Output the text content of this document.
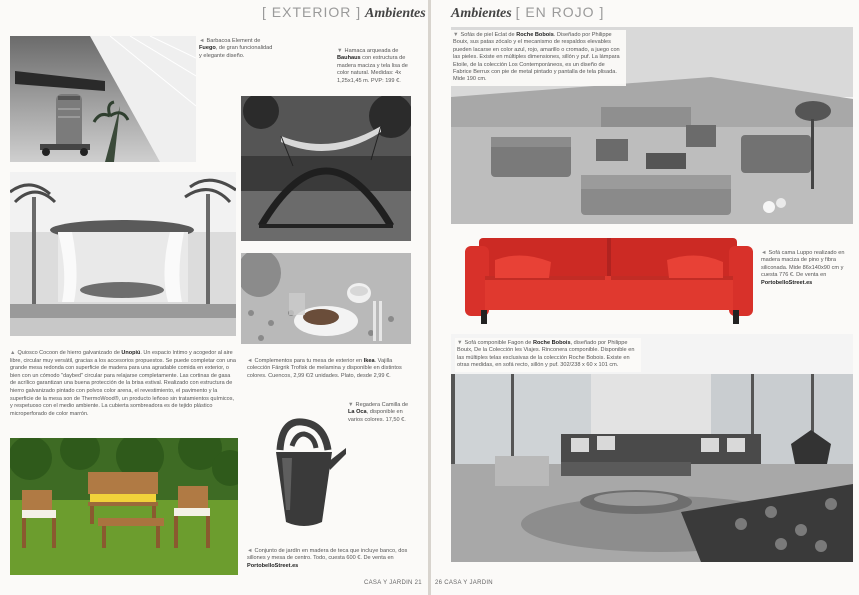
[ EXTERIOR ] Ambientes
◄ Barbacoa Element de Fuego, de gran funcionalidad y elegante diseño.
▼ Hamaca arqueada de Bauhaus con estructura de madera maciza y tela lisa de color natural. Medidas: 4x 1,25x1,45 m. PVP: 199 €.
▲ Quiosco Cocoon de hierro galvanizado de Unopiú. Un espacio íntimo y acogedor al aire libre, circular muy versátil, gracias a los accesorios propuestos. Se puede completar con una grande mesa redonda con superficie de madera para una agradable comida en exterior, o bien con un cómodo "daybed" circular para relajarse completamente. Las cortinas de gasa de acrílico garantizan una buena protección de la brisa estival. Realizado con estructura de hierro galvanizado pintado con polvos color arena, el revestimiento, el pavimento y la superficie de la mesa son de ThermoWood®, un producto leñoso sin tratamientos químicos, y respetuoso con el medio ambiente. La cubierta sombreadora es de tejido plástico microperforado de color marrón.
◄ Complementos para tu mesa de exterior en Ikea. Vajilla colección Färgrik Trofisk de melamina y disponible en distintos colores. Cuencos, 2,99 €/2 unidades. Plato, desde 2,99 €.
▼ Regadera Camilla de La Oca, disponible en varios colores. 17,50 €.
◄ Conjunto de jardín en madera de teca que incluye banco, dos sillones y mesa de centro. Todo, cuesta 600 €. De venta en PortobelloStreet.es
CASA Y JARDIN 21
Ambientes [ EN ROJO ]
▼ Sofás de piel Eclat de Roche Bobois. Diseñado por Philippe Bouix, sus patas zócalo y el mecanismo de respaldos elevables pueden lacarse en color azul, rojo, amarillo o cromado, a juego con las pieles. Existe en múltiples dimensiones, sillón y puf. La lámpara Etoile, de la colección Los Contemporáneos, es un diseño de Fabrice Berrux con pie de metal pintado y pantalla de tela plisada. Mide 190 cm.
◄ Sofá cama Luppo realizado en madera maciza de pino y fibra siliconada. Mide 86x140x90 cm y cuesta 776 €. De venta en PortobelloStreet.es
▼ Sofá componible Fagon de Roche Bobois, diseñado por Philippe Bouix, De la Colección les Viajes. Rinconera componible. Disponible en las múltiples telas exclusivas de la colección Roche Bobois. Existe en otras medidas, en sofá recto, sillón y puf. 302/238 x 60 x 101 cm.
26 CASA Y JARDIN
